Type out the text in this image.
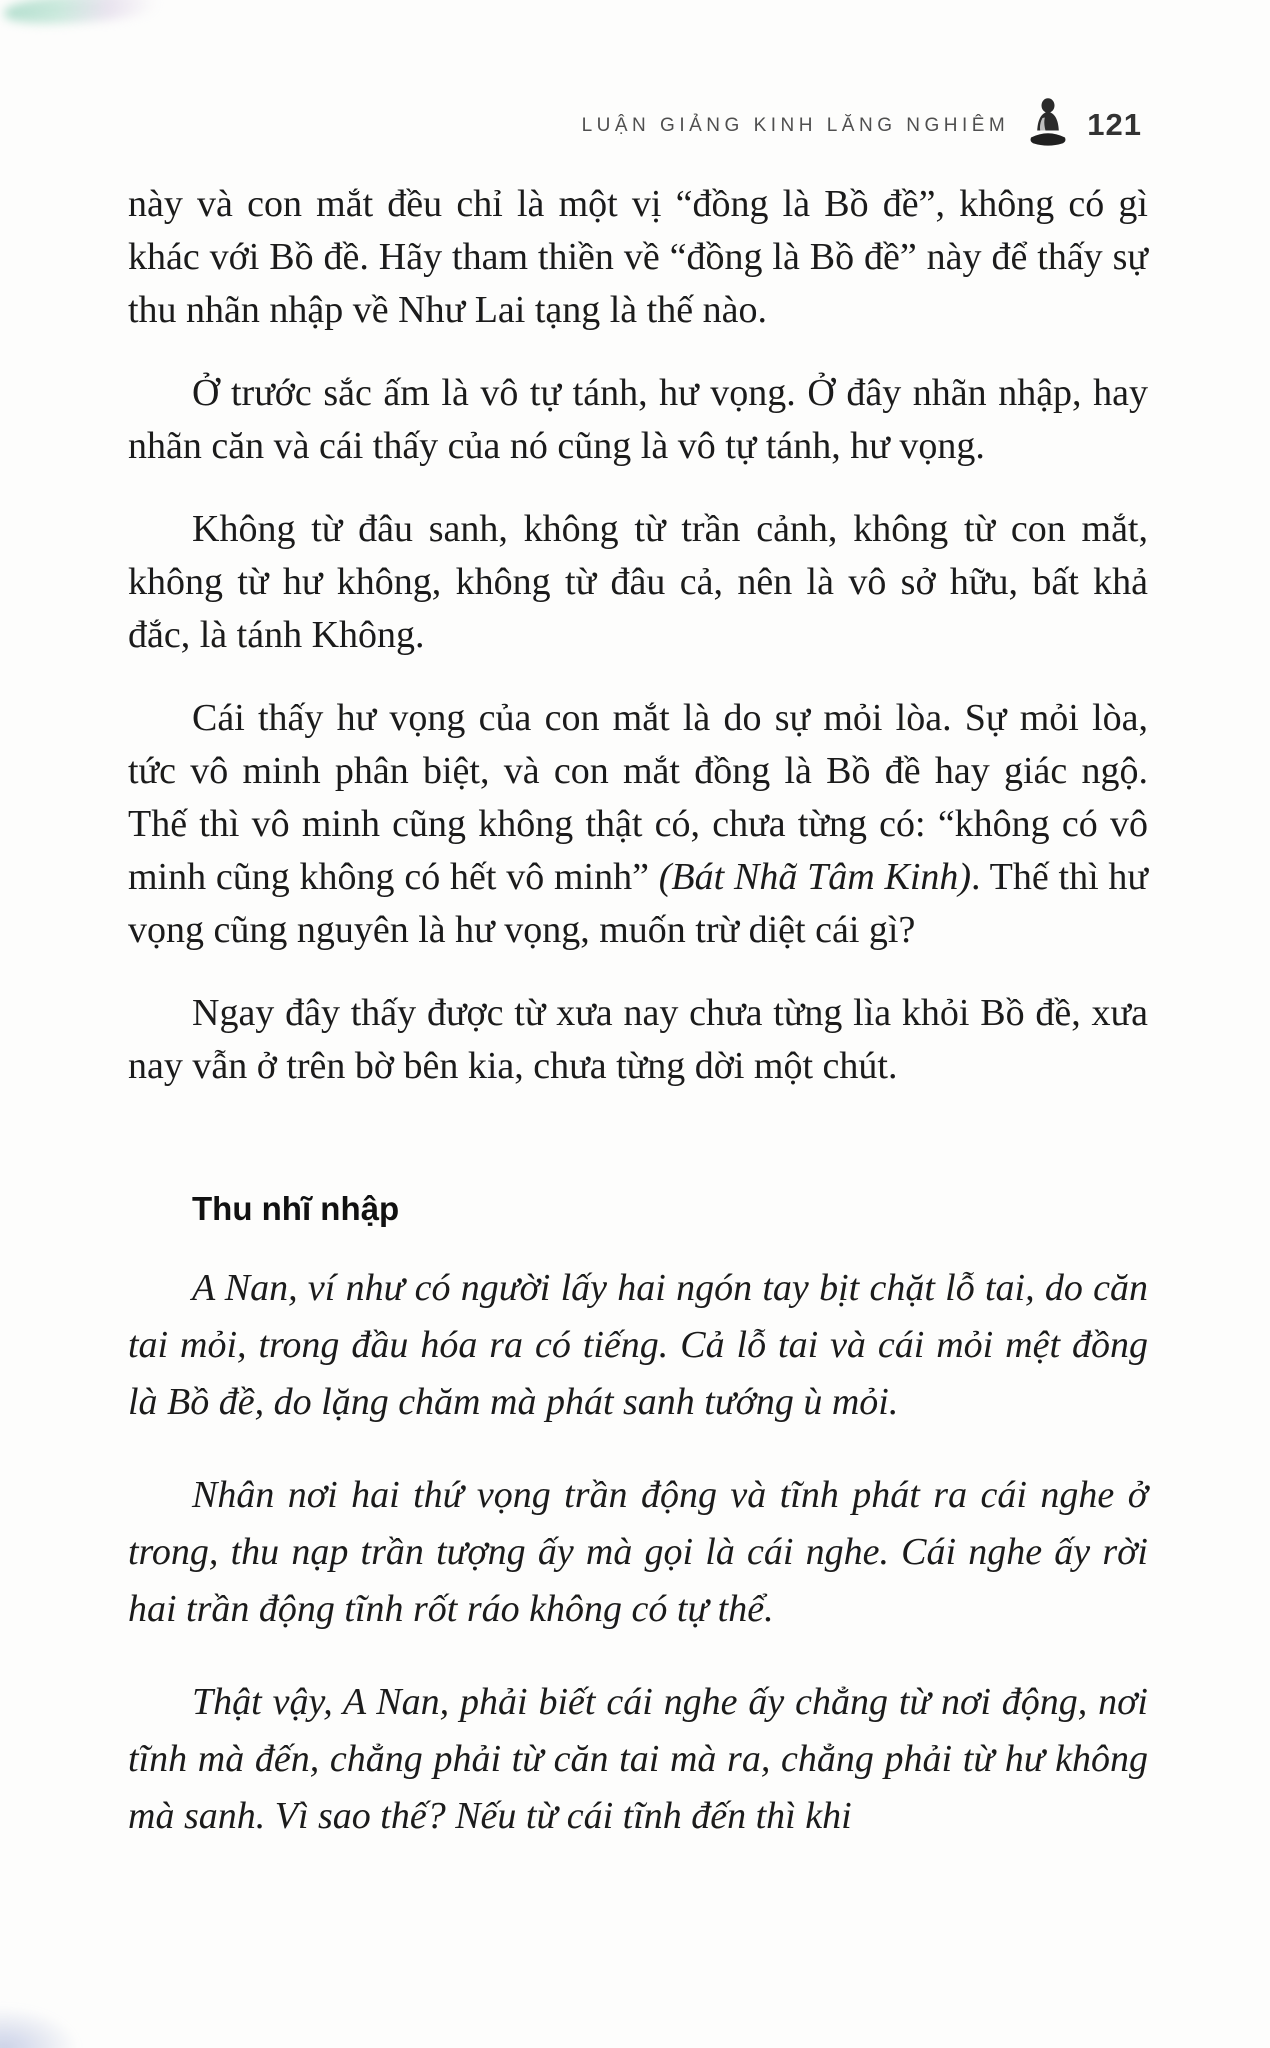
LUẬN GIẢNG KINH LĂNG NGHIÊM	121

này và con mắt đều chỉ là một vị “đồng là Bồ đề”, không có gì khác với Bồ đề. Hãy tham thiền về “đồng là Bồ đề” này để thấy sự thu nhãn nhập về Như Lai tạng là thế nào.

Ở trước sắc ấm là vô tự tánh, hư vọng. Ở đây nhãn nhập, hay nhãn căn và cái thấy của nó cũng là vô tự tánh, hư vọng.

Không từ đâu sanh, không từ trần cảnh, không từ con mắt, không từ hư không, không từ đâu cả, nên là vô sở hữu, bất khả đắc, là tánh Không.

Cái thấy hư vọng của con mắt là do sự mỏi lòa. Sự mỏi lòa, tức vô minh phân biệt, và con mắt đồng là Bồ đề hay giác ngộ. Thế thì vô minh cũng không thật có, chưa từng có: “không có vô minh cũng không có hết vô minh” (Bát Nhã Tâm Kinh). Thế thì hư vọng cũng nguyên là hư vọng, muốn trừ diệt cái gì?

Ngay đây thấy được từ xưa nay chưa từng lìa khỏi Bồ đề, xưa nay vẫn ở trên bờ bên kia, chưa từng dời một chút.

Thu nhĩ nhập

A Nan, ví như có người lấy hai ngón tay bịt chặt lỗ tai, do căn tai mỏi, trong đầu hóa ra có tiếng. Cả lỗ tai và cái mỏi mệt đồng là Bồ đề, do lặng chăm mà phát sanh tướng ù mỏi.

Nhân nơi hai thứ vọng trần động và tĩnh phát ra cái nghe ở trong, thu nạp trần tượng ấy mà gọi là cái nghe. Cái nghe ấy rời hai trần động tĩnh rốt ráo không có tự thể.

Thật vậy, A Nan, phải biết cái nghe ấy chẳng từ nơi động, nơi tĩnh mà đến, chẳng phải từ căn tai mà ra, chẳng phải từ hư không mà sanh. Vì sao thế? Nếu từ cái tĩnh đến thì khi
